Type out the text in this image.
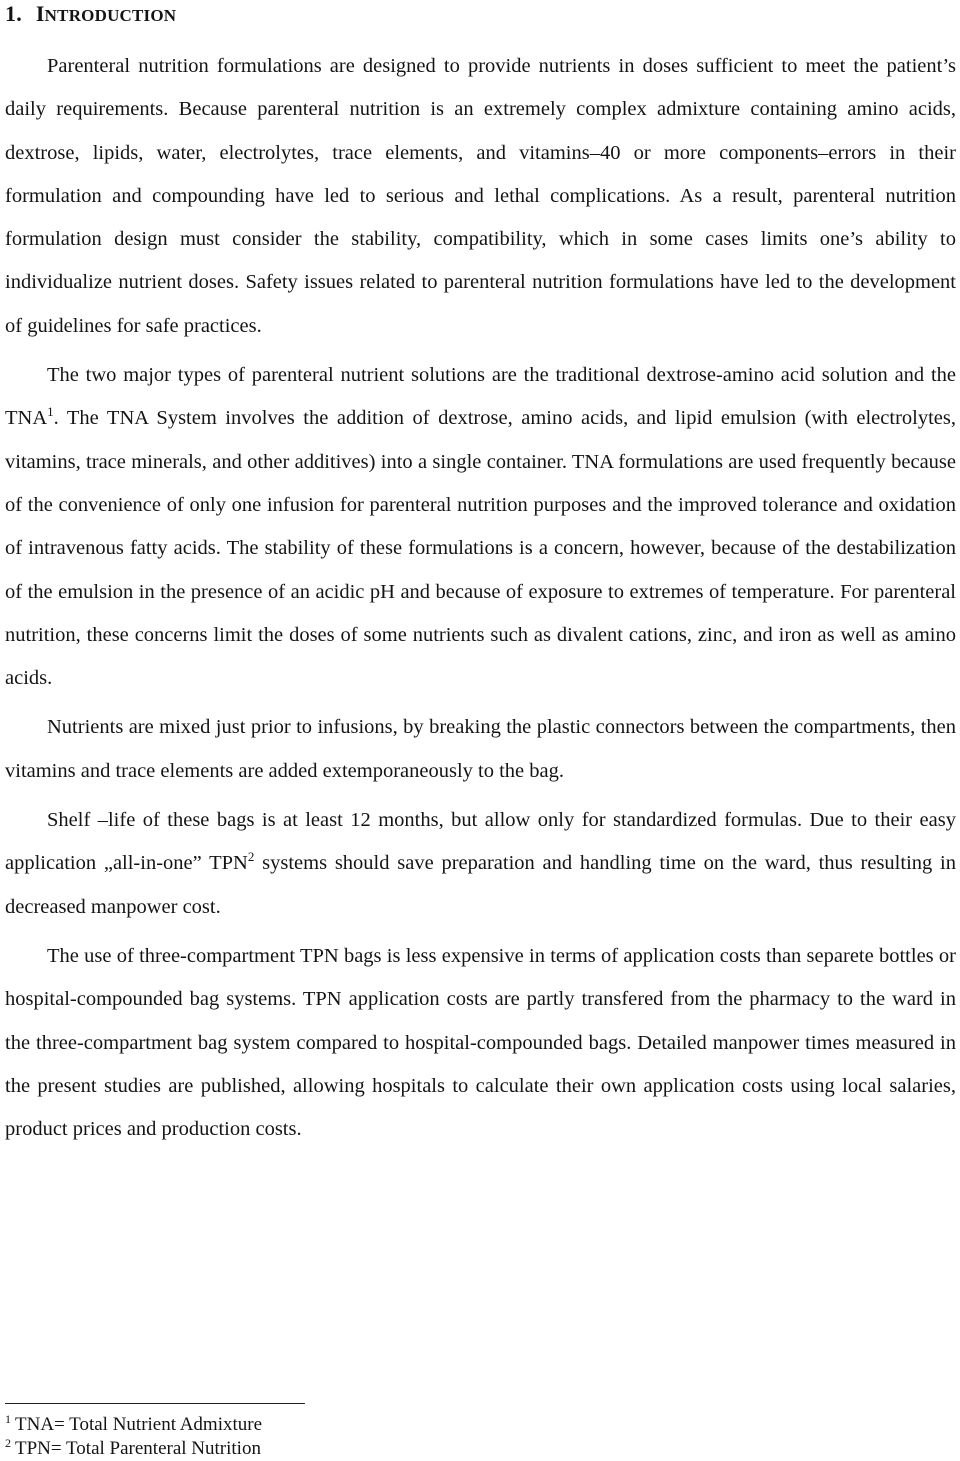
1. INTRODUCTION

Parenteral nutrition formulations are designed to provide nutrients in doses sufficient to meet the patient’s daily requirements. Because parenteral nutrition is an extremely complex admixture containing amino acids, dextrose, lipids, water, electrolytes, trace elements, and vitamins–40 or more components–errors in their formulation and compounding have led to serious and lethal complications. As a result, parenteral nutrition formulation design must consider the stability, compatibility, which in some cases limits one’s ability to individualize nutrient doses. Safety issues related to parenteral nutrition formulations have led to the development of guidelines for safe practices.

The two major types of parenteral nutrient solutions are the traditional dextrose-amino acid solution and the TNA$^1$. The TNA System involves the addition of dextrose, amino acids, and lipid emulsion (with electrolytes, vitamins, trace minerals, and other additives) into a single container. TNA formulations are used frequently because of the convenience of only one infusion for parenteral nutrition purposes and the improved tolerance and oxidation of intravenous fatty acids. The stability of these formulations is a concern, however, because of the destabilization of the emulsion in the presence of an acidic pH and because of exposure to extremes of temperature. For parenteral nutrition, these concerns limit the doses of some nutrients such as divalent cations, zinc, and iron as well as amino acids.

Nutrients are mixed just prior to infusions, by breaking the plastic connectors between the compartments, then vitamins and trace elements are added extemporaneously to the bag.

Shelf –life of these bags is at least 12 months, but allow only for standardized formulas. Due to their easy application „all-in-one” TPN$^2$ systems should save preparation and handling time on the ward, thus resulting in decreased manpower cost.

The use of three-compartment TPN bags is less expensive in terms of application costs than separete bottles or hospital-compounded bag systems. TPN application costs are partly transfered from the pharmacy to the ward in the three-compartment bag system compared to hospital-compounded bags. Detailed manpower times measured in the present studies are published, allowing hospitals to calculate their own application costs using local salaries, product prices and production costs.

$^1$ TNA= Total Nutrient Admixture
$^2$ TPN= Total Parenteral Nutrition
